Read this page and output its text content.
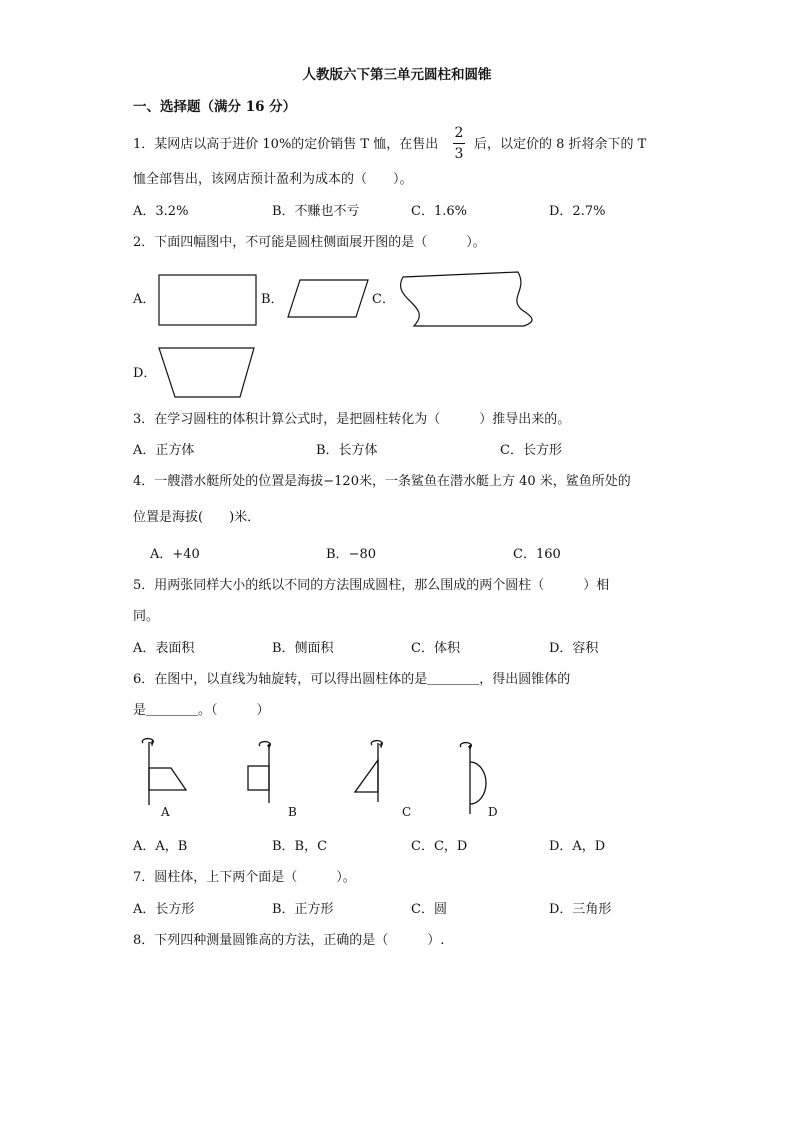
人教版六下第三单元圆柱和圆锥
一、选择题（满分 16 分）
1．某网店以高于进价 10%的定价销售 T 恤，在售出
2
3
后，以定价的 8 折将余下的 T
恤全部售出，该网店预计盈利为成本的（　　）。
A．3.2%	B．不赚也不亏	C．1.6%	D．2.7%
2．下面四幅图中，不可能是圆柱侧面展开图的是（　　　）。
A．	B．	C．
D．
3．在学习圆柱的体积计算公式时，是把圆柱转化为（　　　）推导出来的。
A．正方体	B．长方体	C．长方形
4．一艘潜水艇所处的位置是海拔−120米，一条鲨鱼在潜水艇上方 40 米，鲨鱼所处的
位置是海拔(　　)米．
A．+40	B．−80	C．160
5．用两张同样大小的纸以不同的方法围成圆柱，那么围成的两个圆柱（　　　）相
同。
A．表面积	B．侧面积	C．体积	D．容积
6．在图中，以直线为轴旋转，可以得出圆柱体的是＿＿＿＿，得出圆锥体的
是＿＿＿＿。（　　　）
A	B	C	D
A．A，B	B．B，C	C．C，D	D．A，D
7．圆柱体，上下两个面是（　　　）。
A．长方形	B．正方形	C．圆	D．三角形
8．下列四种测量圆锥高的方法，正确的是（　　　）.
